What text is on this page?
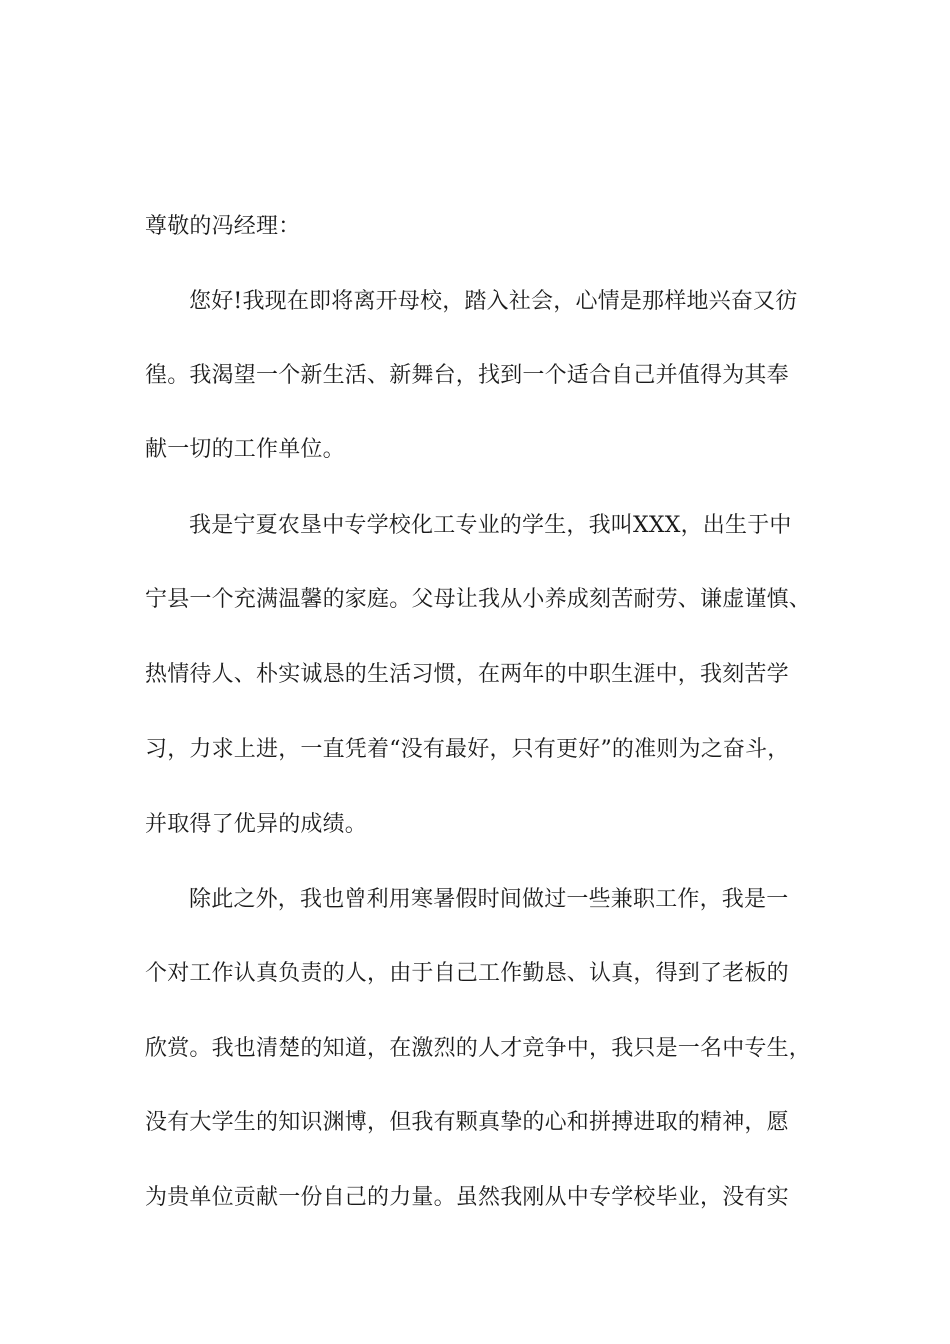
尊敬的冯经理：
您好!我现在即将离开母校，踏入社会，心情是那样地兴奋又彷
徨。我渴望一个新生活、新舞台，找到一个适合自己并值得为其奉
献一切的工作单位。
我是宁夏农垦中专学校化工专业的学生，我叫XXX，出生于中
宁县一个充满温馨的家庭。父母让我从小养成刻苦耐劳、谦虚谨慎、
热情待人、朴实诚恳的生活习惯，在两年的中职生涯中，我刻苦学
习，力求上进，一直凭着“没有最好，只有更好”的准则为之奋斗，
并取得了优异的成绩。
除此之外，我也曾利用寒暑假时间做过一些兼职工作，我是一
个对工作认真负责的人，由于自己工作勤恳、认真，得到了老板的
欣赏。我也清楚的知道，在激烈的人才竞争中，我只是一名中专生，
没有大学生的知识渊博，但我有颗真挚的心和拼搏进取的精神，愿
为贵单位贡献一份自己的力量。虽然我刚从中专学校毕业，没有实
